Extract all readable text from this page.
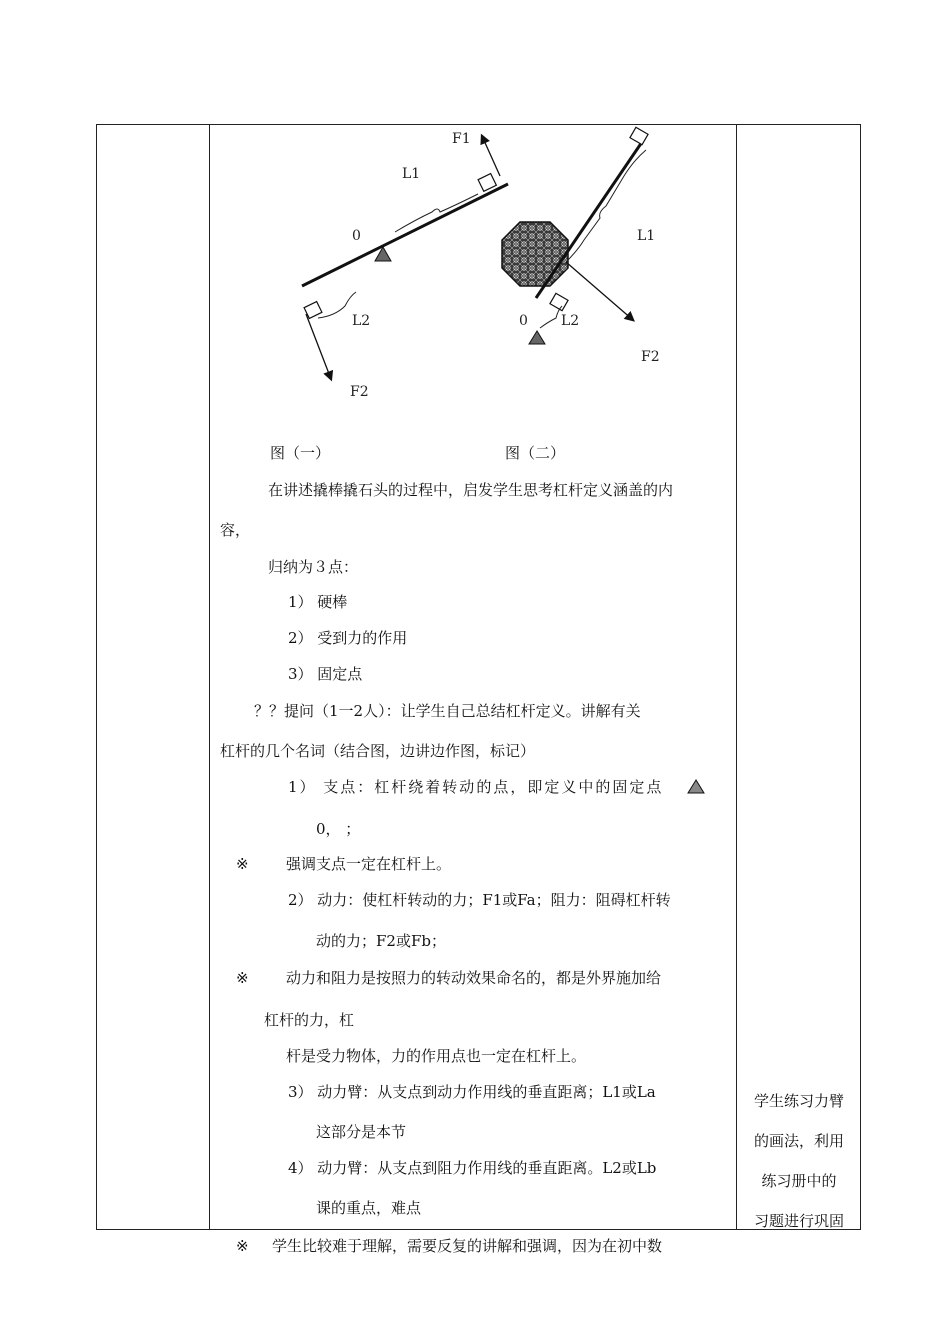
F1
L1
0
L2
F2
L1
0 L2
F2
图（一）	图（二）
在讲述撬棒撬石头的过程中，启发学生思考杠杆定义涵盖的内
容，
归纳为３点：
1） 硬棒
2） 受到力的作用
3） 固定点
？？提问（1一2人）：让学生自己总结杠杆定义。讲解有关
杠杆的几个名词（结合图，边讲边作图，标记）
1） 支点：杠杆绕着转动的点，即定义中的固定点
0， ；
※ 强调支点一定在杠杆上。
2） 动力：使杠杆转动的力；F1或Fa；阻力：阻碍杠杆转
动的力；F2或Fb；
※ 动力和阻力是按照力的转动效果命名的，都是外界施加给
杠杆的力，杠
杆是受力物体，力的作用点也一定在杠杆上。
3） 动力臂：从支点到动力作用线的垂直距离；L1或La
这部分是本节
4） 动力臂：从支点到阻力作用线的垂直距离。L2或Lb
课的重点，难点
※ 学生比较难于理解，需要反复的讲解和强调，因为在初中数
学生练习力臂
的画法，利用
练习册中的
习题进行巩固
